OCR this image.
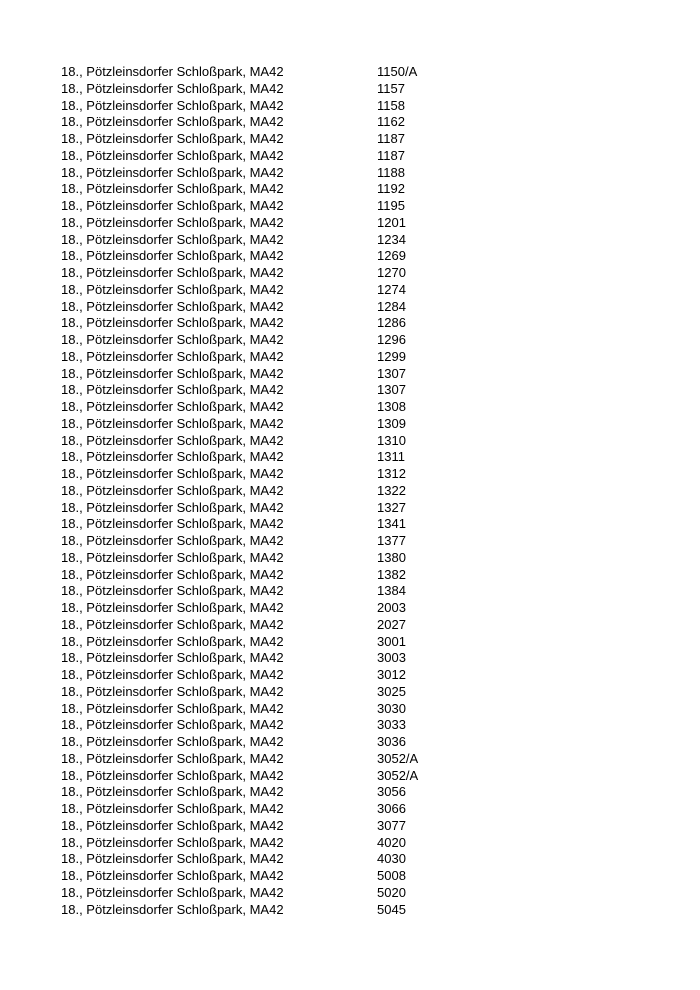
18., Pötzleinsdorfer Schloßpark, MA42	1150/A
18., Pötzleinsdorfer Schloßpark, MA42	1157
18., Pötzleinsdorfer Schloßpark, MA42	1158
18., Pötzleinsdorfer Schloßpark, MA42	1162
18., Pötzleinsdorfer Schloßpark, MA42	1187
18., Pötzleinsdorfer Schloßpark, MA42	1187
18., Pötzleinsdorfer Schloßpark, MA42	1188
18., Pötzleinsdorfer Schloßpark, MA42	1192
18., Pötzleinsdorfer Schloßpark, MA42	1195
18., Pötzleinsdorfer Schloßpark, MA42	1201
18., Pötzleinsdorfer Schloßpark, MA42	1234
18., Pötzleinsdorfer Schloßpark, MA42	1269
18., Pötzleinsdorfer Schloßpark, MA42	1270
18., Pötzleinsdorfer Schloßpark, MA42	1274
18., Pötzleinsdorfer Schloßpark, MA42	1284
18., Pötzleinsdorfer Schloßpark, MA42	1286
18., Pötzleinsdorfer Schloßpark, MA42	1296
18., Pötzleinsdorfer Schloßpark, MA42	1299
18., Pötzleinsdorfer Schloßpark, MA42	1307
18., Pötzleinsdorfer Schloßpark, MA42	1307
18., Pötzleinsdorfer Schloßpark, MA42	1308
18., Pötzleinsdorfer Schloßpark, MA42	1309
18., Pötzleinsdorfer Schloßpark, MA42	1310
18., Pötzleinsdorfer Schloßpark, MA42	1311
18., Pötzleinsdorfer Schloßpark, MA42	1312
18., Pötzleinsdorfer Schloßpark, MA42	1322
18., Pötzleinsdorfer Schloßpark, MA42	1327
18., Pötzleinsdorfer Schloßpark, MA42	1341
18., Pötzleinsdorfer Schloßpark, MA42	1377
18., Pötzleinsdorfer Schloßpark, MA42	1380
18., Pötzleinsdorfer Schloßpark, MA42	1382
18., Pötzleinsdorfer Schloßpark, MA42	1384
18., Pötzleinsdorfer Schloßpark, MA42	2003
18., Pötzleinsdorfer Schloßpark, MA42	2027
18., Pötzleinsdorfer Schloßpark, MA42	3001
18., Pötzleinsdorfer Schloßpark, MA42	3003
18., Pötzleinsdorfer Schloßpark, MA42	3012
18., Pötzleinsdorfer Schloßpark, MA42	3025
18., Pötzleinsdorfer Schloßpark, MA42	3030
18., Pötzleinsdorfer Schloßpark, MA42	3033
18., Pötzleinsdorfer Schloßpark, MA42	3036
18., Pötzleinsdorfer Schloßpark, MA42	3052/A
18., Pötzleinsdorfer Schloßpark, MA42	3052/A
18., Pötzleinsdorfer Schloßpark, MA42	3056
18., Pötzleinsdorfer Schloßpark, MA42	3066
18., Pötzleinsdorfer Schloßpark, MA42	3077
18., Pötzleinsdorfer Schloßpark, MA42	4020
18., Pötzleinsdorfer Schloßpark, MA42	4030
18., Pötzleinsdorfer Schloßpark, MA42	5008
18., Pötzleinsdorfer Schloßpark, MA42	5020
18., Pötzleinsdorfer Schloßpark, MA42	5045
